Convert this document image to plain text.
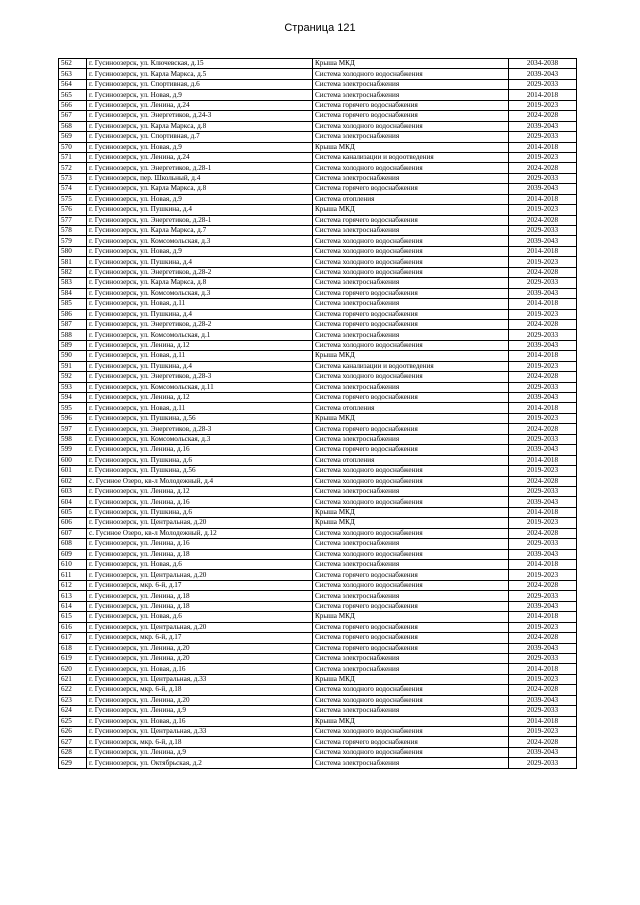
Страница 121
562	г. Гусиноозерск, ул. Ключевская, д.15	Крыша МКД	2034-2038
563	г. Гусиноозерск, ул. Карла Маркса, д.5	Система холодного водоснабжения	2039-2043
564	г. Гусиноозерск, ул. Спортивная, д.6	Система электроснабжения	2029-2033
565	г. Гусиноозерск, ул. Новая, д.9	Система электроснабжения	2014-2018
566	г. Гусиноозерск, ул. Ленина, д.24	Система горячего водоснабжения	2019-2023
567	г. Гусиноозерск, ул. Энергетиков, д.24-3	Система горячего водоснабжения	2024-2028
568	г. Гусиноозерск, ул. Карла Маркса, д.8	Система холодного водоснабжения	2039-2043
569	г. Гусиноозерск, ул. Спортивная, д.7	Система электроснабжения	2029-2033
570	г. Гусиноозерск, ул. Новая, д.9	Крыша МКД	2014-2018
571	г. Гусиноозерск, ул. Ленина, д.24	Система канализации и водоотведения	2019-2023
572	г. Гусиноозерск, ул. Энергетиков, д.28-1	Система холодного водоснабжения	2024-2028
573	г. Гусиноозерск, пер. Школьный, д.4	Система электроснабжения	2029-2033
574	г. Гусиноозерск, ул. Карла Маркса, д.8	Система горячего водоснабжения	2039-2043
575	г. Гусиноозерск, ул. Новая, д.9	Система отопления	2014-2018
576	г. Гусиноозерск, ул. Пушкина, д.4	Крыша МКД	2019-2023
577	г. Гусиноозерск, ул. Энергетиков, д.28-1	Система горячего водоснабжения	2024-2028
578	г. Гусиноозерск, ул. Карла Маркса, д.7	Система электроснабжения	2029-2033
579	г. Гусиноозерск, ул. Комсомольская, д.3	Система холодного водоснабжения	2039-2043
580	г. Гусиноозерск, ул. Новая, д.9	Система холодного водоснабжения	2014-2018
581	г. Гусиноозерск, ул. Пушкина, д.4	Система холодного водоснабжения	2019-2023
582	г. Гусиноозерск, ул. Энергетиков, д.28-2	Система холодного водоснабжения	2024-2028
583	г. Гусиноозерск, ул. Карла Маркса, д.8	Система электроснабжения	2029-2033
584	г. Гусиноозерск, ул. Комсомольская, д.3	Система горячего водоснабжения	2039-2043
585	г. Гусиноозерск, ул. Новая, д.11	Система электроснабжения	2014-2018
586	г. Гусиноозерск, ул. Пушкина, д.4	Система горячего водоснабжения	2019-2023
587	г. Гусиноозерск, ул. Энергетиков, д.28-2	Система горячего водоснабжения	2024-2028
588	г. Гусиноозерск, ул. Комсомольская, д.1	Система электроснабжения	2029-2033
589	г. Гусиноозерск, ул. Ленина, д.12	Система холодного водоснабжения	2039-2043
590	г. Гусиноозерск, ул. Новая, д.11	Крыша МКД	2014-2018
591	г. Гусиноозерск, ул. Пушкина, д.4	Система канализации и водоотведения	2019-2023
592	г. Гусиноозерск, ул. Энергетиков, д.28-3	Система холодного водоснабжения	2024-2028
593	г. Гусиноозерск, ул. Комсомольская, д.11	Система электроснабжения	2029-2033
594	г. Гусиноозерск, ул. Ленина, д.12	Система горячего водоснабжения	2039-2043
595	г. Гусиноозерск, ул. Новая, д.11	Система отопления	2014-2018
596	г. Гусиноозерск, ул. Пушкина, д.56	Крыша МКД	2019-2023
597	г. Гусиноозерск, ул. Энергетиков, д.28-3	Система горячего водоснабжения	2024-2028
598	г. Гусиноозерск, ул. Комсомольская, д.3	Система электроснабжения	2029-2033
599	г. Гусиноозерск, ул. Ленина, д.16	Система горячего водоснабжения	2039-2043
600	г. Гусиноозерск, ул. Пушкина, д.6	Система отопления	2014-2018
601	г. Гусиноозерск, ул. Пушкина, д.56	Система холодного водоснабжения	2019-2023
602	с. Гусиное Озеро, кв-л Молодежный, д.4	Система холодного водоснабжения	2024-2028
603	г. Гусиноозерск, ул. Ленина, д.12	Система электроснабжения	2029-2033
604	г. Гусиноозерск, ул. Ленина, д.16	Система холодного водоснабжения	2039-2043
605	г. Гусиноозерск, ул. Пушкина, д.6	Крыша МКД	2014-2018
606	г. Гусиноозерск, ул. Центральная, д.20	Крыша МКД	2019-2023
607	с. Гусиное Озеро, кв-л Молодежный, д.12	Система холодного водоснабжения	2024-2028
608	г. Гусиноозерск, ул. Ленина, д.16	Система электроснабжения	2029-2033
609	г. Гусиноозерск, ул. Ленина, д.18	Система холодного водоснабжения	2039-2043
610	г. Гусиноозерск, ул. Новая, д.6	Система электроснабжения	2014-2018
611	г. Гусиноозерск, ул. Центральная, д.20	Система горячего водоснабжения	2019-2023
612	г. Гусиноозерск, мкр. 6-й, д.17	Система холодного водоснабжения	2024-2028
613	г. Гусиноозерск, ул. Ленина, д.18	Система электроснабжения	2029-2033
614	г. Гусиноозерск, ул. Ленина, д.18	Система горячего водоснабжения	2039-2043
615	г. Гусиноозерск, ул. Новая, д.6	Крыша МКД	2014-2018
616	г. Гусиноозерск, ул. Центральная, д.20	Система горячего водоснабжения	2019-2023
617	г. Гусиноозерск, мкр. 6-й, д.17	Система горячего водоснабжения	2024-2028
618	г. Гусиноозерск, ул. Ленина, д.20	Система горячего водоснабжения	2039-2043
619	г. Гусиноозерск, ул. Ленина, д.20	Система электроснабжения	2029-2033
620	г. Гусиноозерск, ул. Новая, д.16	Система электроснабжения	2014-2018
621	г. Гусиноозерск, ул. Центральная, д.33	Крыша МКД	2019-2023
622	г. Гусиноозерск, мкр. 6-й, д.18	Система холодного водоснабжения	2024-2028
623	г. Гусиноозерск, ул. Ленина, д.20	Система холодного водоснабжения	2039-2043
624	г. Гусиноозерск, ул. Ленина, д.9	Система электроснабжения	2029-2033
625	г. Гусиноозерск, ул. Новая, д.16	Крыша МКД	2014-2018
626	г. Гусиноозерск, ул. Центральная, д.33	Система холодного водоснабжения	2019-2023
627	г. Гусиноозерск, мкр. 6-й, д.18	Система горячего водоснабжения	2024-2028
628	г. Гусиноозерск, ул. Ленина, д.9	Система холодного водоснабжения	2039-2043
629	г. Гусиноозерск, ул. Октябрьская, д.2	Система электроснабжения	2029-2033
